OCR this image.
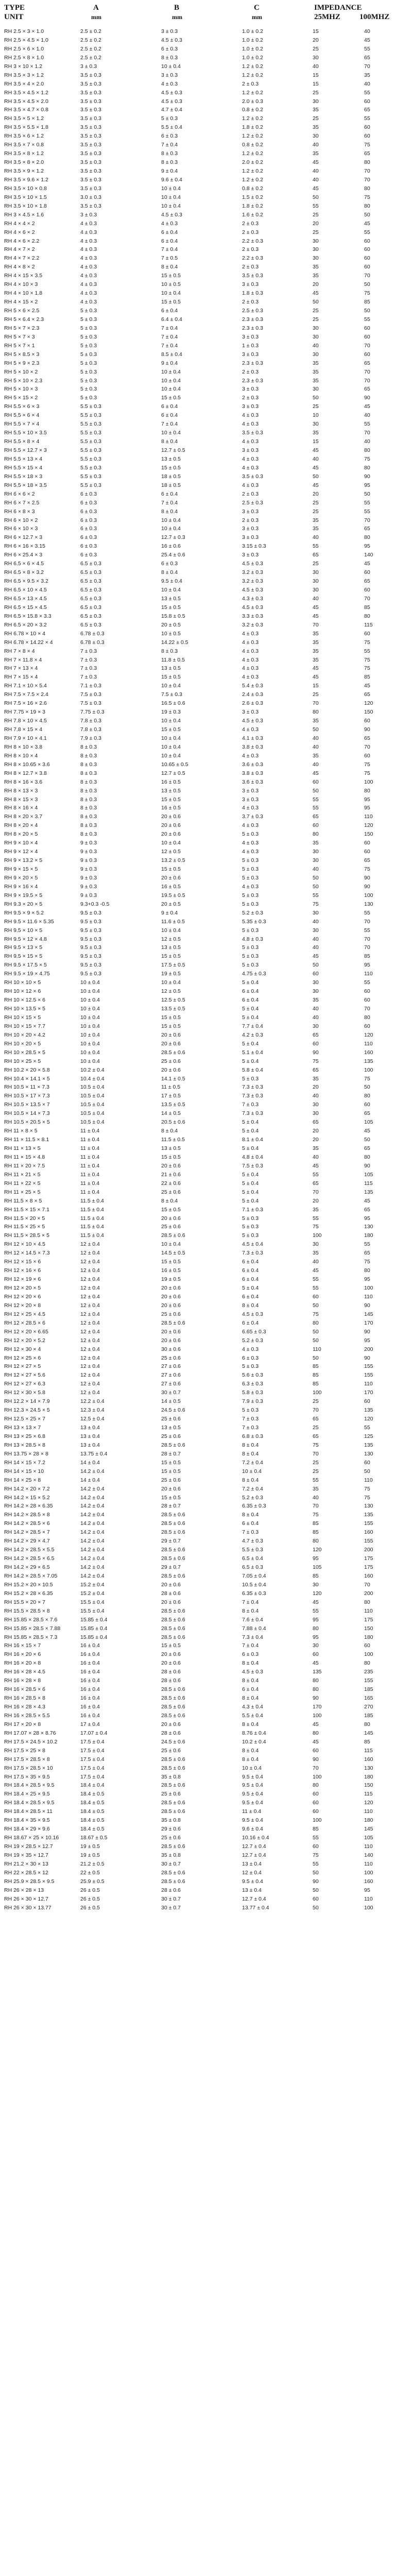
TYPE
UNIT
A
mm
B
mm
C
mm
IMPEDANCE
25MHZ 100MHZ
RH 2.5 × 3 × 1.0	2.5 ± 0.2	3 ± 0.3	1.0 ± 0.2	15	40
RH 2.5 × 4.5 × 1.0	2.5 ± 0.2	4.5 ± 0.3	1.0 ± 0.2	20	45
RH 2.5 × 6 × 1.0	2.5 ± 0.2	6 ± 0.3	1.0 ± 0.2	25	55
RH 2.5 × 8 × 1.0	2.5 ± 0.2	8 ± 0.3	1.0 ± 0.2	30	65
RH 3 × 10 × 1.2	3 ± 0.3	10 ± 0.4	1.2 ± 0.2	40	70
RH 3.5 × 3 × 1.2	3.5 ± 0.3	3 ± 0.3	1.2 ± 0.2	15	35
RH 3.5 × 4 × 2.0	3.5 ± 0.3	4 ± 0.3	2 ± 0.3	15	40
RH 3.5 × 4.5 × 1.2	3.5 ± 0.3	4.5 ± 0.3	1.2 ± 0.2	25	55
RH 3.5 × 4.5 × 2.0	3.5 ± 0.3	4.5 ± 0.3	2.0 ± 0.3	30	60
RH 3.5 × 4.7 × 0.8	3.5 ± 0.3	4.7 ± 0.4	0.8 ± 0.2	35	65
RH 3.5 × 5 × 1.2	3.5 ± 0.3	5 ± 0.3	1.2 ± 0.2	25	55
RH 3.5 × 5.5 × 1.8	3.5 ± 0.3	5.5 ± 0.4	1.8 ± 0.2	35	60
RH 3.5 × 6 × 1.2	3.5 ± 0.3	6 ± 0.3	1.2 ± 0.2	30	60
RH 3.5 × 7 × 0.8	3.5 ± 0.3	7 ± 0.4	0.8 ± 0.2	40	75
RH 3.5 × 8 × 1.2	3.5 ± 0.3	8 ± 0.3	1.2 ± 0.2	35	65
RH 3.5 × 8 × 2.0	3.5 ± 0.3	8 ± 0.3	2.0 ± 0.2	45	80
RH 3.5 × 9 × 1.2	3.5 ± 0.3	9 ± 0.4	1.2 ± 0.2	40	70
RH 3.5 × 9.6 × 1.2	3.5 ± 0.3	9.6 ± 0.4	1.2 ± 0.2	40	70
RH 3.5 × 10 × 0.8	3.5 ± 0.3	10 ± 0.4	0.8 ± 0.2	45	80
RH 3.5 × 10 × 1.5	3.0 ± 0.3	10 ± 0.4	1.5 ± 0.2	50	75
RH 3.5 × 10 × 1.8	3.5 ± 0.3	10 ± 0.4	1.8 ± 0.2	55	80
RH 3 × 4.5 × 1.6	3 ± 0.3	4.5 ± 0.3	1.6 ± 0.2	25	50
RH 4 × 4 × 2	4 ± 0.3	4 ± 0.3	2 ± 0.3	20	45
RH 4 × 6 × 2	4 ± 0.3	6 ± 0.4	2 ± 0.3	25	55
RH 4 × 6 × 2.2	4 ± 0.3	6 ± 0.4	2.2 ± 0.3	30	60
RH 4 × 7 × 2	4 ± 0.3	7 ± 0.4	2 ± 0.3	30	60
RH 4 × 7 × 2.2	4 ± 0.3	7 ± 0.5	2.2 ± 0.3	30	60
RH 4 × 8 × 2	4 ± 0.3	8 ± 0.4	2 ± 0.3	35	60
RH 4 × 15 × 3.5	4 ± 0.3	15 ± 0.5	3.5 ± 0.3	35	70
RH 4 × 10 × 3	4 ± 0.3	10 ± 0.5	3 ± 0.3	20	50
RH 4 × 10 × 1.8	4 ± 0.3	10 ± 0.4	1.8 ± 0.3	45	75
RH 4 × 15 × 2	4 ± 0.3	15 ± 0.5	2 ± 0.3	50	85
RH 5 × 6 × 2.5	5 ± 0.3	6 ± 0.4	2.5 ± 0.3	25	50
RH 5 × 6.4 × 2.3	5 ± 0.3	6.4 ± 0.4	2.3 ± 0.3	25	55
RH 5 × 7 × 2.3	5 ± 0.3	7 ± 0.4	2.3 ± 0.3	30	60
RH 5 × 7 × 3	5 ± 0.3	7 ± 0.4	3 ± 0.3	30	60
RH 5 × 7 × 1	5 ± 0.3	7 ± 0.4	1 ± 0.3	40	70
RH 5 × 8.5 × 3	5 ± 0.3	8.5 ± 0.4	3 ± 0.3	30	60
RH 5 × 9 × 2.3	5 ± 0.3	9 ± 0.4	2.3 ± 0.3	35	65
RH 5 × 10 × 2	5 ± 0.3	10 ± 0.4	2 ± 0.3	35	70
RH 5 × 10 × 2.3	5 ± 0.3	10 ± 0.4	2.3 ± 0.3	35	70
RH 5 × 10 × 3	5 ± 0.3	10 ± 0.4	3 ± 0.3	30	65
RH 5 × 15 × 2	5 ± 0.3	15 ± 0.5	2 ± 0.3	50	90
RH 5.5 × 6 × 3	5.5 ± 0.3	6 ± 0.4	3 ± 0.3	25	45
RH 5.5 × 6 × 4	5.5 ± 0.3	6 ± 0.4	4 ± 0.3	10	40
RH 5.5 × 7 × 4	5.5 ± 0.3	7 ± 0.4	4 ± 0.3	30	55
RH 5.5 × 10 × 3.5	5.5 ± 0.3	10 ± 0.4	3.5 ± 0.3	35	70
RH 5.5 × 8 × 4	5.5 ± 0.3	8 ± 0.4	4 ± 0.3	15	40
RH 5.5 × 12.7 × 3	5.5 ± 0.3	12.7 ± 0.5	3 ± 0.3	45	80
RH 5.5 × 13 × 4	5.5 ± 0.3	13 ± 0.5	4 ± 0.3	40	75
RH 5.5 × 15 × 4	5.5 ± 0.3	15 ± 0.5	4 ± 0.3	45	80
RH 5.5 × 18 × 3	5.5 ± 0.3	18 ± 0.5	3.5 ± 0.3	50	90
RH 5.5 × 18 × 3.5	5.5 ± 0.3	18 ± 0.5	4 ± 0.3	45	95
RH 6 × 6 × 2	6 ± 0.3	6 ± 0.4	2 ± 0.3	20	50
RH 6 × 7 × 2.5	6 ± 0.3	7 ± 0.4	2.5 ± 0.3	25	55
RH 6 × 8 × 3	6 ± 0.3	8 ± 0.4	3 ± 0.3	25	55
RH 6 × 10 × 2	6 ± 0.3	10 ± 0.4	2 ± 0.3	35	70
RH 6 × 10 × 3	6 ± 0.3	10 ± 0.4	3 ± 0.3	35	65
RH 6 × 12.7 × 3	6 ± 0.3	12.7 ± 0.3	3 ± 0.3	40	80
RH 6 × 16 × 3.15	6 ± 0.3	16 ± 0.6	3.15 ± 0.3	55	95
RH 6 × 25.4 × 3	6 ± 0.3	25.4 ± 0.6	3 ± 0.3	65	140
RH 6.5 × 6 × 4.5	6.5 ± 0.3	6 ± 0.3	4.5 ± 0.3	25	45
RH 6.5 × 8 × 3.2	6.5 ± 0.3	8 ± 0.4	3.2 ± 0.3	30	60
RH 6.5 × 9.5 × 3.2	6.5 ± 0.3	9.5 ± 0.4	3.2 ± 0.3	30	65
RH 6.5 × 10 × 4.5	6.5 ± 0.3	10 ± 0.4	4.5 ± 0.3	30	60
RH 6.5 × 13 × 4.5	6.5 ± 0.3	13 ± 0.5	4.3 ± 0.3	40	70
RH 6.5 × 15 × 4.5	6.5 ± 0.3	15 ± 0.5	4.5 ± 0.3	45	85
RH 6.5 × 15.8 × 3.3	6.5 ± 0.3	15.8 ± 0.5	3.3 ± 0.3	45	80
RH 6.5 × 20 × 3.2	6.5 ± 0.3	20 ± 0.5	3.2 ± 0.3	70	115
RH 6.78 × 10 × 4	6.78 ± 0.3	10 ± 0.5	4 ± 0.3	35	60
RH 6.78 × 14.22 × 4	6.78 ± 0.3	14.22 ± 0.5	4 ± 0.3	35	75
RH 7 × 8 × 4	7 ± 0.3	8 ± 0.3	4 ± 0.3	35	55
RH 7 × 11.8 × 4	7 ± 0.3	11.8 ± 0.5	4 ± 0.3	35	75
RH 7 × 13 × 4	7 ± 0.3	13 ± 0.5	4 ± 0.3	45	75
RH 7 × 15 × 4	7 ± 0.3	15 ± 0.5	4 ± 0.3	45	85
RH 7.1 × 10 × 5.4	7.1 ± 0.3	10 ± 0.4	5.4 ± 0.3	15	45
RH 7.5 × 7.5 × 2.4	7.5 ± 0.3	7.5 ± 0.3	2.4 ± 0.3	25	65
RH 7.5 × 16 × 2.6	7.5 ± 0.3	16.5 ± 0.6	2.6 ± 0.3	70	120
RH 7.75 × 19 × 3	7.75 ± 0.3	19 ± 0.3	3 ± 0.3	80	150
RH 7.8 × 10 × 4.5	7.8 ± 0.3	10 ± 0.4	4.5 ± 0.3	35	60
RH 7.8 × 15 × 4	7.8 ± 0.3	15 ± 0.5	4 ± 0.3	50	90
RH 7.9 × 10 × 4.1	7.9 ± 0.3	10 ± 0.4	4.1 ± 0.3	40	65
RH 8 × 10 × 3.8	8 ± 0.3	10 ± 0.4	3.8 ± 0.3	40	70
RH 8 × 10 × 4	8 ± 0.3	10 ± 0.4	4 ± 0.3	35	60
RH 8 × 10.65 × 3.6	8 ± 0.3	10.65 ± 0.5	3.6 ± 0.3	40	75
RH 8 × 12.7 × 3.8	8 ± 0.3	12.7 ± 0.5	3.8 ± 0.3	45	75
RH 8 × 16 × 3.6	8 ± 0.3	16 ± 0.5	3.6 ± 0.3	60	100
RH 8 × 13 × 3	8 ± 0.3	13 ± 0.5	3 ± 0.3	50	80
RH 8 × 15 × 3	8 ± 0.3	15 ± 0.5	3 ± 0.3	55	95
RH 8 × 16 × 4	8 ± 0.3	16 ± 0.5	4 ± 0.3	55	95
RH 8 × 20 × 3.7	8 ± 0.3	20 ± 0.6	3.7 ± 0.3	65	110
RH 8 × 20 × 4	8 ± 0.3	20 ± 0.6	4 ± 0.3	60	120
RH 8 × 20 × 5	8 ± 0.3	20 ± 0.6	5 ± 0.3	80	150
RH 9 × 10 × 4	9 ± 0.3	10 ± 0.4	4 ± 0.3	35	60
RH 9 × 12 × 4	9 ± 0.3	12 ± 0.5	4 ± 0.3	30	60
RH 9 × 13.2 × 5	9 ± 0.3	13.2 ± 0.5	5 ± 0.3	30	65
RH 9 × 15 × 5	9 ± 0.3	15 ± 0.5	5 ± 0.3	40	75
RH 9 × 20 × 5	9 ± 0.3	20 ± 0.6	5 ± 0.3	50	90
RH 9 × 16 × 4	9 ± 0.3	16 ± 0.5	4 ± 0.3	50	90
RH 9 × 19.5 × 5	9 ± 0.3	19.5 ± 0.5	5 ± 0.3	55	100
RH 9.3 × 20 × 5	9.3+0.3 -0.5	20 ± 0.5	5 ± 0.3	75	130
RH 9.5 × 9 × 5.2	9.5 ± 0.3	9 ± 0.4	5.2 ± 0.3	30	55
RH 9.5 × 11.6 × 5.35	9.5 ± 0.3	11.6 ± 0.5	5.35 ± 0.3	40	70
RH 9.5 × 10 × 5	9.5 ± 0.3	10 ± 0.4	5 ± 0.3	30	55
RH 9.5 × 12 × 4.8	9.5 ± 0.3	12 ± 0.5	4.8 ± 0.3	40	70
RH 9.5 × 13 × 5	9.5 ± 0.3	13 ± 0.5	5 ± 0.3	40	70
RH 9.5 × 15 × 5	9.5 ± 0.3	15 ± 0.5	5 ± 0.3	45	85
RH 9.5 × 17.5 × 5	9.5 ± 0.3	17.5 ± 0.5	5 ± 0.3	50	95
RH 9.5 × 19 × 4.75	9.5 ± 0.3	19 ± 0.5	4.75 ± 0.3	60	110
RH 10 × 10 × 5	10 ± 0.4	10 ± 0.4	5 ± 0.4	30	55
RH 10 × 12 × 6	10 ± 0.4	12 ± 0.5	6 ± 0.4	30	60
RH 10 × 12.5 × 6	10 ± 0.4	12.5 ± 0.5	6 ± 0.4	35	60
RH 10 × 13.5 × 5	10 ± 0.4	13.5 ± 0.5	5 ± 0.4	40	70
RH 10 × 15 × 5	10 ± 0.4	15 ± 0.5	5 ± 0.4	40	80
RH 10 × 15 × 7.7	10 ± 0.4	15 ± 0.5	7.7 ± 0.4	30	60
RH 10 × 20 × 4.2	10 ± 0.4	20 ± 0.6	4.2 ± 0.3	65	120
RH 10 × 20 × 5	10 ± 0.4	20 ± 0.6	5 ± 0.4	60	110
RH 10 × 28.5 × 5	10 ± 0.4	28.5 ± 0.6	5.1 ± 0.4	90	160
RH 10 × 25 × 5	10 ± 0.4	25 ± 0.6	5 ± 0.4	75	135
RH 10.2 × 20 × 5.8	10.2 ± 0.4	20 ± 0.6	5.8 ± 0.4	65	100
RH 10.4 × 14.1 × 5	10.4 ± 0.4	14.1 ± 0.5	5 ± 0.3	35	75
RH 10.5 × 11 × 7.3	10.5 ± 0.4	11 ± 0.5	7.3 ± 0.3	20	50
RH 10.5 × 17 × 7.3	10.5 ± 0.4	17 ± 0.5	7.3 ± 0.3	40	80
RH 10.5 × 13.5 × 7	10.5 ± 0.4	13.5 ± 0.5	7 ± 0.3	30	60
RH 10.5 × 14 × 7.3	10.5 ± 0.4	14 ± 0.5	7.3 ± 0.3	30	65
RH 10.5 × 20.5 × 5	10.5 ± 0.4	20.5 ± 0.6	5 ± 0.4	65	105
RH 11 × 8 × 5	11 ± 0.4	8 ± 0.4	5 ± 0.4	20	45
RH 11 × 11.5 × 8.1	11 ± 0.4	11.5 ± 0.5	8.1 ± 0.4	20	50
RH 11 × 13 × 5	11 ± 0.4	13 ± 0.5	5 ± 0.4	35	65
RH 11 × 15 × 4.8	11 ± 0.4	15 ± 0.5	4.8 ± 0.4	40	80
RH 11 × 20 × 7.5	11 ± 0.4	20 ± 0.6	7.5 ± 0.3	45	90
RH 11 × 21 × 5	11 ± 0.4	21 ± 0.6	5 ± 0.4	55	105
RH 11 × 22 × 5	11 ± 0.4	22 ± 0.6	5 ± 0.4	65	115
RH 11 × 25 × 5	11 ± 0.4	25 ± 0.6	5 ± 0.4	70	135
RH 11.5 × 8 × 5	11.5 ± 0.4	8 ± 0.4	5 ± 0.4	20	45
RH 11.5 × 15 × 7.1	11.5 ± 0.4	15 ± 0.5	7.1 ± 0.3	35	65
RH 11.5 × 20 × 5	11.5 ± 0.4	20 ± 0.6	5 ± 0.3	55	95
RH 11.5 × 25 × 5	11.5 ± 0.4	25 ± 0.6	5 ± 0.3	75	130
RH 11.5 × 28.5 × 5	11.5 ± 0.4	28.5 ± 0.6	5 ± 0.3	100	180
RH 12 × 10 × 4.5	12 ± 0.4	10 ± 0.4	4.5 ± 0.4	30	55
RH 12 × 14.5 × 7.3	12 ± 0.4	14.5 ± 0.5	7.3 ± 0.3	35	65
RH 12 × 15 × 6	12 ± 0.4	15 ± 0.5	6 ± 0.4	40	75
RH 12 × 16 × 6	12 ± 0.4	16 ± 0.5	6 ± 0.4	45	80
RH 12 × 19 × 6	12 ± 0.4	19 ± 0.5	6 ± 0.4	55	95
RH 12 × 20 × 5	12 ± 0.4	20 ± 0.6	5 ± 0.4	55	100
RH 12 × 20 × 6	12 ± 0.4	20 ± 0.6	6 ± 0.4	60	110
RH 12 × 20 × 8	12 ± 0.4	20 ± 0.6	8 ± 0.4	50	90
RH 12 × 25 × 4.5	12 ± 0.4	25 ± 0.6	4.5 ± 0.3	75	145
RH 12 × 28.5 × 6	12 ± 0.4	28.5 ± 0.6	6 ± 0.4	80	170
RH 12 × 20 × 6.65	12 ± 0.4	20 ± 0.6	6.65 ± 0.3	50	90
RH 12 × 20 × 5.2	12 ± 0.4	20 ± 0.6	5.2 ± 0.3	50	95
RH 12 × 30 × 4	12 ± 0.4	30 ± 0.6	4 ± 0.3	110	200
RH 12 × 25 × 6	12 ± 0.4	25 ± 0.6	6 ± 0.3	50	90
RH 12 × 27 × 5	12 ± 0.4	27 ± 0.6	5 ± 0.3	85	155
RH 12 × 27 × 5.6	12 ± 0.4	27 ± 0.6	5.6 ± 0.3	85	155
RH 12 × 27 × 6.3	12 ± 0.4	27 ± 0.6	6.3 ± 0.3	85	110
RH 12 × 30 × 5.8	12 ± 0.4	30 ± 0.7	5.8 ± 0.3	100	170
RH 12.2 × 14 × 7.9	12.2 ± 0.4	14 ± 0.5	7.9 ± 0.3	25	60
RH 12.3 × 24.5 × 5	12.3 ± 0.4	24.5 ± 0.6	5 ± 0.3	70	135
RH 12.5 × 25 × 7	12.5 ± 0.4	25 ± 0.6	7 ± 0.3	65	120
RH 13 × 13 × 7	13 ± 0.4	13 ± 0.5	7 ± 0.3	25	55
RH 13 × 25 × 6.8	13 ± 0.4	25 ± 0.6	6.8 ± 0.3	65	125
RH 13 × 28.5 × 8	13 ± 0.4	28.5 ± 0.6	8 ± 0.4	75	135
RH 13.75 × 28 × 8	13.75 ± 0.4	28 ± 0.7	8 ± 0.4	70	130
RH 14 × 15 × 7.2	14 ± 0.4	15 ± 0.5	7.2 ± 0.4	25	60
RH 14 × 15 × 10	14.2 ± 0.4	15 ± 0.5	10 ± 0.4	25	50
RH 14 × 25 × 8	14 ± 0.4	25 ± 0.6	8 ± 0.4	55	110
RH 14.2 × 20 × 7.2	14.2 ± 0.4	20 ± 0.6	7.2 ± 0.4	35	75
RH 14.2 × 15 × 5.2	14.2 ± 0.4	15 ± 0.5	5.2 ± 0.3	40	75
RH 14.2 × 28 × 6.35	14.2 ± 0.4	28 ± 0.7	6.35 ± 0.3	70	130
RH 14.2 × 28.5 × 8	14.2 ± 0.4	28.5 ± 0.6	8 ± 0.4	75	135
RH 14.2 × 28.5 × 6	14.2 ± 0.4	28.5 ± 0.6	6 ± 0.4	85	155
RH 14.2 × 28.5 × 7	14.2 ± 0.4	28.5 ± 0.6	7 ± 0.3	85	160
RH 14.2 × 29 × 4.7	14.2 ± 0.4	29 ± 0.7	4.7 ± 0.3	80	155
RH 14.2 × 28.5 × 5.5	14.2 ± 0.4	28.5 ± 0.6	5.5 ± 0.3	120	200
RH 14.2 × 28.5 × 6.5	14.2 ± 0.4	28.5 ± 0.6	6.5 ± 0.4	95	175
RH 14.2 × 29 × 6.5	14.2 ± 0.4	29 ± 0.7	6.5 ± 0.3	105	175
RH 14.2 × 28.5 × 7.05	14.2 ± 0.4	28.5 ± 0.6	7.05 ± 0.4	85	160
RH 15.2 × 20 × 10.5	15.2 ± 0.4	20 ± 0.6	10.5 ± 0.4	30	70
RH 15.2 × 28 × 6.35	15.2 ± 0.4	28 ± 0.6	6.35 ± 0.3	120	200
RH 15.5 × 20 × 7	15.5 ± 0.4	20 ± 0.6	7 ± 0.4	45	80
RH 15.5 × 28.5 × 8	15.5 ± 0.4	28.5 ± 0.6	8 ± 0.4	55	110
RH 15.85 × 28.5 × 7.6	15.85 ± 0.4	28.5 ± 0.6	7.6 ± 0.4	95	175
RH 15.85 × 28.5 × 7.88	15.85 ± 0.4	28.5 ± 0.6	7.88 ± 0.4	80	150
RH 15.85 × 28.5 × 7.3	15.85 ± 0.4	28.5 ± 0.6	7.3 ± 0.4	95	180
RH 16 × 15 × 7	16 ± 0.4	15 ± 0.5	7 ± 0.4	30	60
RH 16 × 20 × 6	16 ± 0.4	20 ± 0.6	6 ± 0.3	60	100
RH 16 × 20 × 8	16 ± 0.4	20 ± 0.6	8 ± 0.4	45	80
RH 16 × 28 × 4.5	16 ± 0.4	28 ± 0.6	4.5 ± 0.3	135	235
RH 16 × 28 × 8	16 ± 0.4	28 ± 0.6	8 ± 0.4	80	155
RH 16 × 28.5 × 6	16 ± 0.4	28.5 ± 0.6	6 ± 0.4	80	185
RH 16 × 28.5 × 8	16 ± 0.4	28.5 ± 0.6	8 ± 0.4	90	165
RH 16 × 28 × 4.3	16 ± 0.4	28.5 ± 0.6	4.3 ± 0.4	170	270
RH 16 × 28.5 × 5.5	16 ± 0.4	28.5 ± 0.6	5.5 ± 0.4	100	185
RH 17 × 20 × 8	17 ± 0.4	20 ± 0.6	8 ± 0.4	45	80
RH 17.07 × 28 × 8.76	17.07 ± 0.4	28 ± 0.6	8.76 ± 0.4	80	145
RH 17.5 × 24.5 × 10.2	17.5 ± 0.4	24.5 ± 0.6	10.2 ± 0.4	45	85
RH 17.5 × 25 × 8	17.5 ± 0.4	25 ± 0.6	8 ± 0.4	60	115
RH 17.5 × 28.5 × 8	17.5 ± 0.4	28.5 ± 0.6	8 ± 0.4	90	160
RH 17.5 × 28.5 × 10	17.5 ± 0.4	28.5 ± 0.6	10 ± 0.4	70	130
RH 17.5 × 35 × 9.5	17.5 ± 0.4	35 ± 0.8	9.5 ± 0.4	100	180
RH 18.4 × 28.5 × 9.5	18.4 ± 0.4	28.5 ± 0.6	9.5 ± 0.4	80	150
RH 18.4 × 25 × 9.5	18.4 ± 0.5	25 ± 0.6	9.5 ± 0.4	60	115
RH 18.4 × 28.5 × 9.5	18.4 ± 0.5	28.5 ± 0.6	9.5 ± 0.4	60	120
RH 18.4 × 28.5 × 11	18.4 ± 0.5	28.5 ± 0.6	11 ± 0.4	60	110
RH 18.4 × 35 × 9.5	18.4 ± 0.5	35 ± 0.8	9.5 ± 0.4	100	180
RH 18.4 × 29 × 9.6	18.4 ± 0.5	29 ± 0.6	9.6 ± 0.4	85	145
RH 18.67 × 25 × 10.16	18.67 ± 0.5	25 ± 0.6	10.16 ± 0.4	55	105
RH 19 × 28.5 × 12.7	19 ± 0.5	28.5 ± 0.6	12.7 ± 0.4	60	110
RH 19 × 35 × 12.7	19 ± 0.5	35 ± 0.8	12.7 ± 0.4	75	140
RH 21.2 × 30 × 13	21.2 ± 0.5	30 ± 0.7	13 ± 0.4	55	110
RH 22 × 28.5 × 12	22 ± 0.5	28.5 ± 0.6	12 ± 0.4	50	100
RH 25.9 × 28.5 × 9.5	25.9 ± 0.5	28.5 ± 0.6	9.5 ± 0.4	90	160
RH 26 × 28 × 13	26 ± 0.5	28 ± 0.6	13 ± 0.4	50	95
RH 26 × 30 × 12.7	26 ± 0.5	30 ± 0.7	12.7 ± 0.4	60	110
RH 26 × 30 × 13.77	26 ± 0.5	30 ± 0.7	13.77 ± 0.4	50	100
